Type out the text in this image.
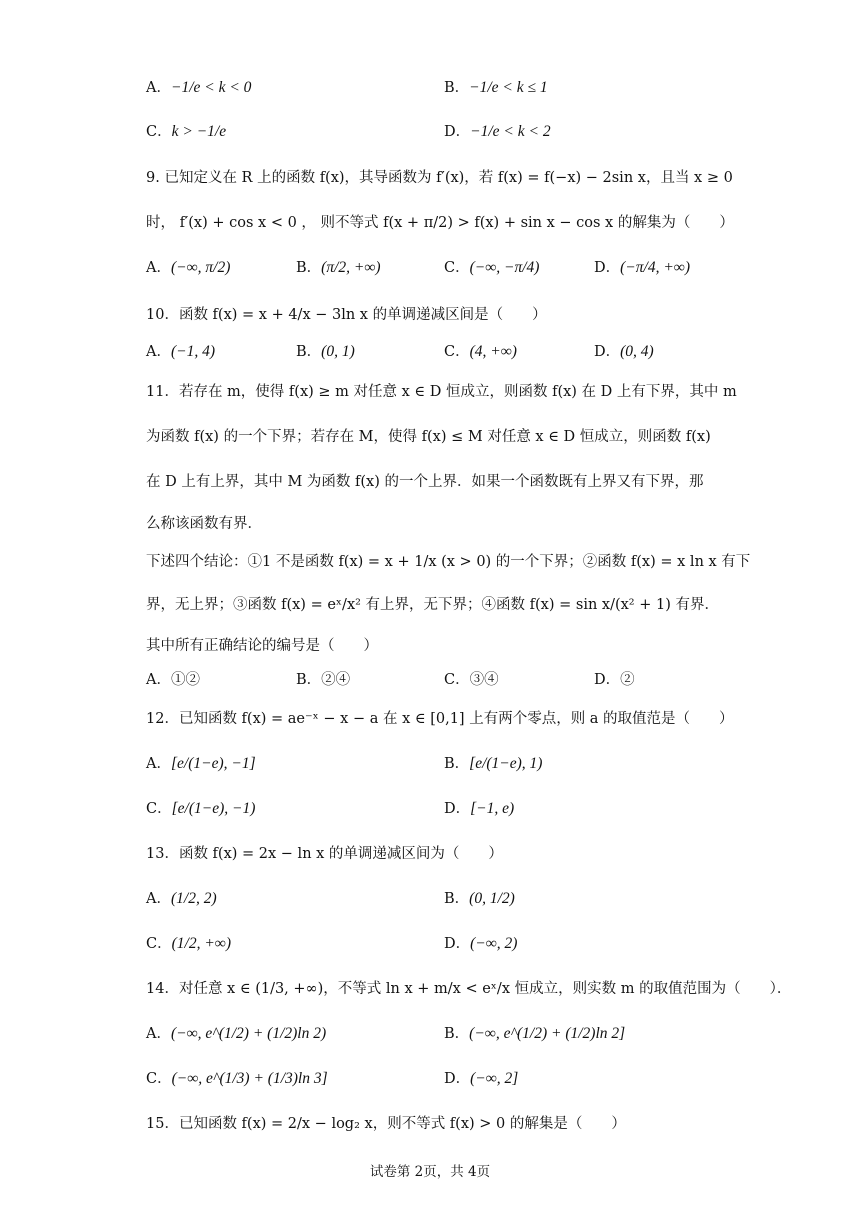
A．−1/e < k < 0	B．−1/e < k ≤ 1
C．k > −1/e	D．−1/e < k < 2
9. 已知定义在 R 上的函数 f(x)，其导函数为 f′(x)，若 f(x) = f(−x) − 2sin x，且当 x ≥ 0
时， f′(x) + cos x < 0 ， 则不等式 f(x + π/2) > f(x) + sin x − cos x 的解集为（　　）
A．(−∞, π/2)	B．(π/2, +∞)	C．(−∞, −π/4)	D．(−π/4, +∞)
10．函数 f(x) = x + 4/x − 3ln x 的单调递减区间是（　　）
A．(−1, 4)	B．(0, 1)	C．(4, +∞)	D．(0, 4)
11．若存在 m，使得 f(x) ≥ m 对任意 x ∈ D 恒成立，则函数 f(x) 在 D 上有下界，其中 m
为函数 f(x) 的一个下界；若存在 M，使得 f(x) ≤ M 对任意 x ∈ D 恒成立，则函数 f(x)
在 D 上有上界，其中 M 为函数 f(x) 的一个上界．如果一个函数既有上界又有下界，那
么称该函数有界．
下述四个结论：①1 不是函数 f(x) = x + 1/x (x > 0) 的一个下界；②函数 f(x) = x ln x 有下
界，无上界；③函数 f(x) = eˣ/x² 有上界，无下界；④函数 f(x) = sin x/(x² + 1) 有界．
其中所有正确结论的编号是（　　）
A．①②	B．②④	C．③④	D．②
12．已知函数 f(x) = ae⁻ˣ − x − a 在 x ∈ [0,1] 上有两个零点，则 a 的取值范是（　　）
A．[e/(1−e), −1]	B．[e/(1−e), 1)
C．[e/(1−e), −1)	D．[−1, e)
13．函数 f(x) = 2x − ln x 的单调递减区间为（　　）
A．(1/2, 2)	B．(0, 1/2)
C．(1/2, +∞)	D．(−∞, 2)
14．对任意 x ∈ (1/3, +∞)，不等式 ln x + m/x < eˣ/x 恒成立，则实数 m 的取值范围为（　　）．
A．(−∞, e^(1/2) + (1/2)ln 2)	B．(−∞, e^(1/2) + (1/2)ln 2]
C．(−∞, e^(1/3) + (1/3)ln 3]	D．(−∞, 2]
15．已知函数 f(x) = 2/x − log₂ x，则不等式 f(x) > 0 的解集是（　　）
试卷第 2页，共 4页
